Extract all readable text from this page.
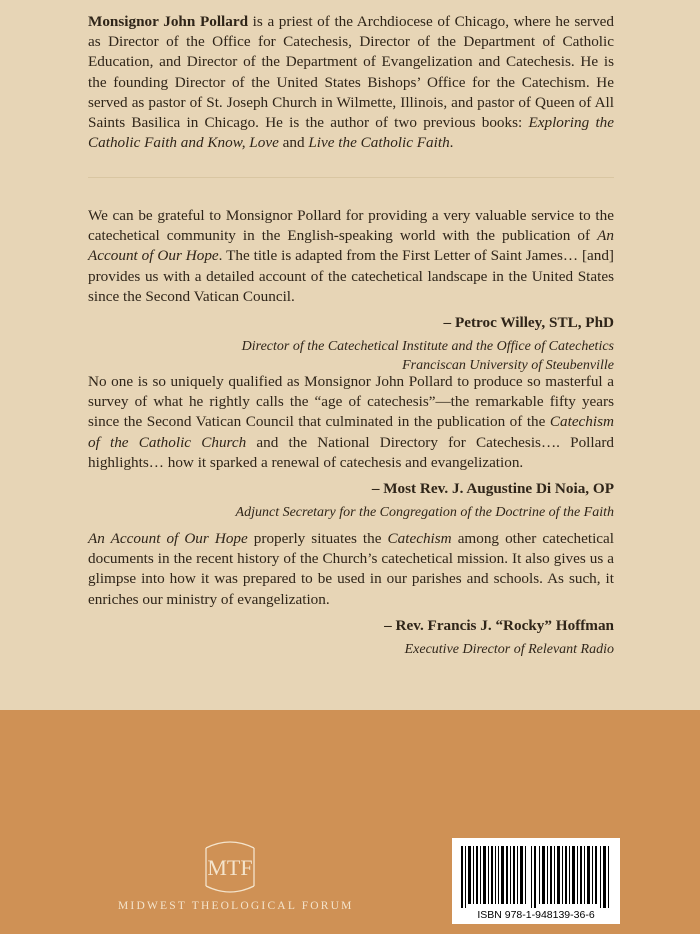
Monsignor John Pollard is a priest of the Archdiocese of Chicago, where he served as Director of the Office for Catechesis, Director of the Department of Catholic Education, and Director of the Department of Evangelization and Catechesis. He is the founding Director of the United States Bishops’ Office for the Catechism. He served as pastor of St. Joseph Church in Wilmette, Illinois, and pastor of Queen of All Saints Basilica in Chicago. He is the author of two previous books: Exploring the Catholic Faith and Know, Love and Live the Catholic Faith.

We can be grateful to Monsignor Pollard for providing a very valuable service to the catechetical community in the English-speaking world with the publication of An Account of Our Hope. The title is adapted from the First Letter of Saint James… [and] provides us with a detailed account of the catechetical landscape in the United States since the Second Vatican Council.

– Petroc Willey, STL, PhD
Director of the Catechetical Institute and the Office of Catechetics
Franciscan University of Steubenville

No one is so uniquely qualified as Monsignor John Pollard to produce so masterful a survey of what he rightly calls the “age of catechesis”—the remarkable fifty years since the Second Vatican Council that culminated in the publication of the Catechism of the Catholic Church and the National Directory for Catechesis…. Pollard highlights… how it sparked a renewal of catechesis and evangelization.

– Most Rev. J. Augustine Di Noia, OP
Adjunct Secretary for the Congregation of the Doctrine of the Faith

An Account of Our Hope properly situates the Catechism among other catechetical documents in the recent history of the Church’s catechetical mission. It also gives us a glimpse into how it was prepared to be used in our parishes and schools. As such, it enriches our ministry of evangelization.

– Rev. Francis J. “Rocky” Hoffman
Executive Director of Relevant Radio
MTF
MIDWEST THEOLOGICAL FORUM
ISBN 978-1-948139-36-6
